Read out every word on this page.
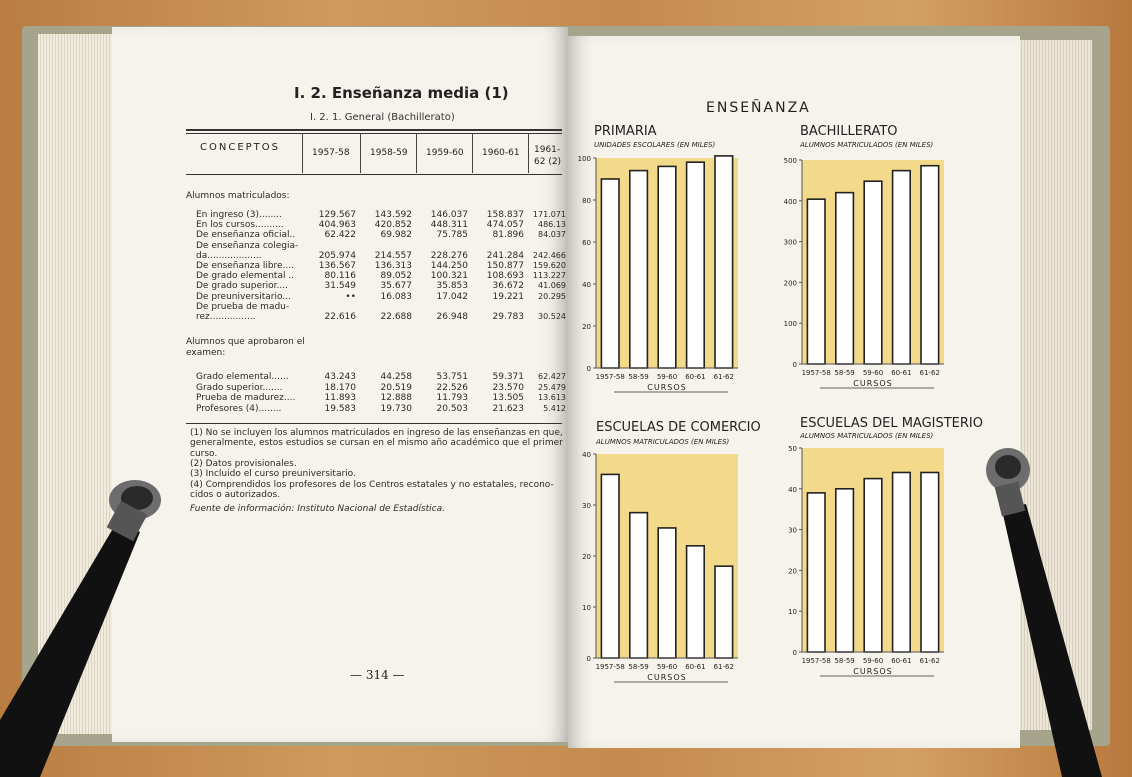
I. 2. Enseñanza media (1)
I. 2. 1. General (Bachillerato)
CONCEPTOS	1957-58 1958-59 1959-60 1960-61 1961-62 (2)
Alumnos matriculados:
En ingreso (3)........	129.567	143.592	146.037	158.837	171.071
En los cursos..........	404.963	420.852	448.311	474.057	486.13
De enseñanza oficial..	62.422	69.982	75.785	81.896	84.037
De enseñanza colegia-
da...................	205.974	214.557	228.276	241.284	242.466
De enseñanza libre....	136.567	136.313	144.250	150.877	159.620
De grado elemental ..	80.116	89.052	100.321	108.693	113.227
De grado superior....	31.549	35.677	35.853	36.672	41.069
De preuniversitario...	••	16.083	17.042	19.221	20.295
De prueba de madu-
rez................	22.616	22.688	26.948	29.783	30.524
Alumnos que aprobaron el examen:
Grado elemental......	43.243	44.258	53.751	59.371	62.427
Grado superior.......	18.170	20.519	22.526	23.570	25.479
Prueba de madurez....	11.893	12.888	11.793	13.505	13.613
Profesores (4)........	19.583	19.730	20.503	21.623	5.412
(1) No se incluyen los alumnos matriculados en ingreso de las enseñanzas en que,
generalmente, estos estudios se cursan en el mismo año académico que el primer
curso.
(2) Datos provisionales.
(3) Incluido el curso preuniversitario.
(4) Comprendidos los profesores de los Centros estatales y no estatales, recono-
cidos o autorizados.
Fuente de información: Instituto Nacional de Estadística.
— 314 —
ENSEÑANZA
PRIMARIA
UNIDADES ESCOLARES (EN MILES)
0
20
40
60
80
100
1957-58 58-59 59-60 60-61 61-62
CURSOS
BACHILLERATO
ALUMNOS MATRICULADOS (EN MILES)
0
100
200
300
400
500
1957-58 58-59 59-60 60-61 61-62
CURSOS
ESCUELAS DE COMERCIO
ALUMNOS MATRICULADOS (EN MILES)
0
10
20
30
40
1957-58 58-59 59-60 60-61 61-62
CURSOS
ESCUELAS DEL MAGISTERIO
ALUMNOS MATRICULADOS (EN MILES)
0
10
20
30
40
50
1957-58 58-59 59-60 60-61 61-62
CURSOS
